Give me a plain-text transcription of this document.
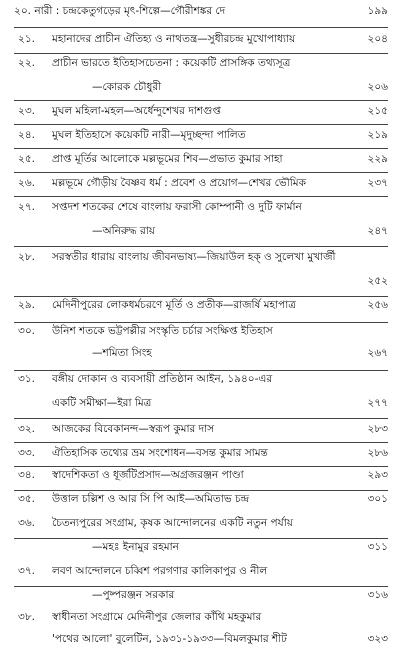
২০. নারী : চন্দ্রকেতুগড়ের মৃৎ-শিল্পে—গৌরীশঙ্কর দে	১৯৯
২১.	মহানাদের প্রাচীন ঐতিহ্য ও নাথতন্ত্র—সুধীরচন্দ্র মুখোপাধ্যায়	২০৪
২২.	প্রাচীন ভারতে ইতিহাসচেতনা : কয়েকটি প্রাসঙ্গিক তথ্যসূত্র
—কোরক চৌধুরী	২০৬
২৩.	মুঘল মহিলা-মহল—অর্ধেন্দুশেখর দাশগুপ্ত	২১৫
২৪.	মুঘল ইতিহাসে কয়েকটি নারী—মৃদুচ্ছন্দা পালিত	২১৯
২৫.	প্রাপ্ত মূর্তির আলোকে মল্লভূমের শিব—প্রভাত কুমার সাহা	২২৯
২৬.	মল্লভূমে গৌড়ীয় বৈষ্ণব ধর্ম : প্রবেশ ও প্রয়োগ—শেখর ভৌমিক	২৩৭
২৭.	সপ্তদশ শতকের শেষে বাংলায় ফরাসী কোম্পানী ও দুটি ফার্মান
—অনিরুদ্ধ রায়	২৪৭
২৮.	সরস্বতীর ধারায় বাংলায় জীবনভাষ্য—জিয়াউল হক্ ও সুলেখা মুখার্জী
২৫২
২৯.	মেদিনীপুরের লোকধর্মচরণে মূর্তি ও প্রতীক—রাজর্ষি মহাপাত্র	২৫৬
৩০.	উনিশ শতকে ভট্টপল্লীর সংস্কৃতি চর্চার সংক্ষিপ্ত ইতিহাস
—শমিতা সিংহ	২৬৭
৩১.	বঙ্গীয় দোকান ও ব্যবসায়ী প্রতিষ্ঠান আইন, ১৯৪০-এর
একটি সমীক্ষা—ইরা মিত্র	২৭৭
৩২.	আজকের বিবেকানন্দ—স্বরূপ কুমার দাস	২৮৩
৩৩.	ঐতিহাসিক তথ্যের ভ্রম সংশোধন—বসন্ত কুমার সামন্ত	২৮৬
৩৪.	স্বাদেশিকতা ও ধূর্জটিপ্রসাদ—অগ্রজরঞ্জন পাণ্ডা	২৯৩
৩৫.	উত্তাল চল্লিশ ও আর সি পি আই—অমিতাভ চন্দ্র	৩০১
৩৬.	চৈতন্যপুরের সংগ্রাম, কৃষক আন্দোলনের একটি নতুন পর্যায়
—মহঃ ইনামুর রহমান	৩১১
৩৭.	লবণ আন্দোলনে চব্বিশ পরগণার কালিকাপুর ও নীল
—পুষ্পরঞ্জন সরকার	৩১৬
৩৮.	স্বাধীনতা সংগ্রামে মেদিনীপুর জেলার কাঁথি মহকুমার
'পথের আলো' বুলেটিন, ১৯৩১-১৯৩৩—বিমলকুমার শীট	৩২৩
